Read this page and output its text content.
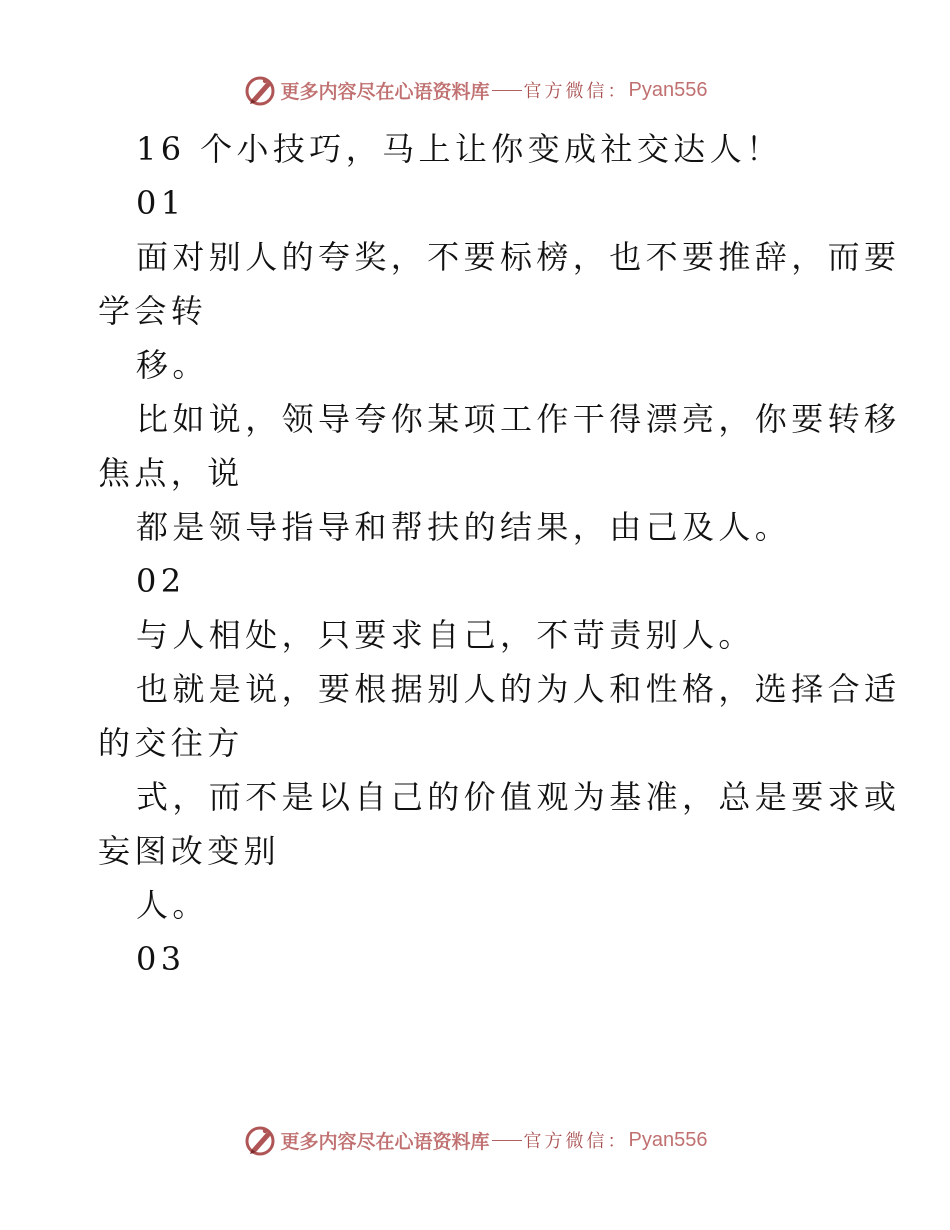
更多内容尽在心语资料库 官方微信： Pyan556

16 个小技巧，马上让你变成社交达人！

01

面对别人的夸奖，不要标榜，也不要推辞，而要

学会转

移。

比如说，领导夸你某项工作干得漂亮，你要转移

焦点，说

都是领导指导和帮扶的结果，由己及人。

02

与人相处，只要求自己，不苛责别人。

也就是说，要根据别人的为人和性格，选择合适

的交往方

式，而不是以自己的价值观为基准，总是要求或

妄图改变别

人。

03

更多内容尽在心语资料库 官方微信： Pyan556
